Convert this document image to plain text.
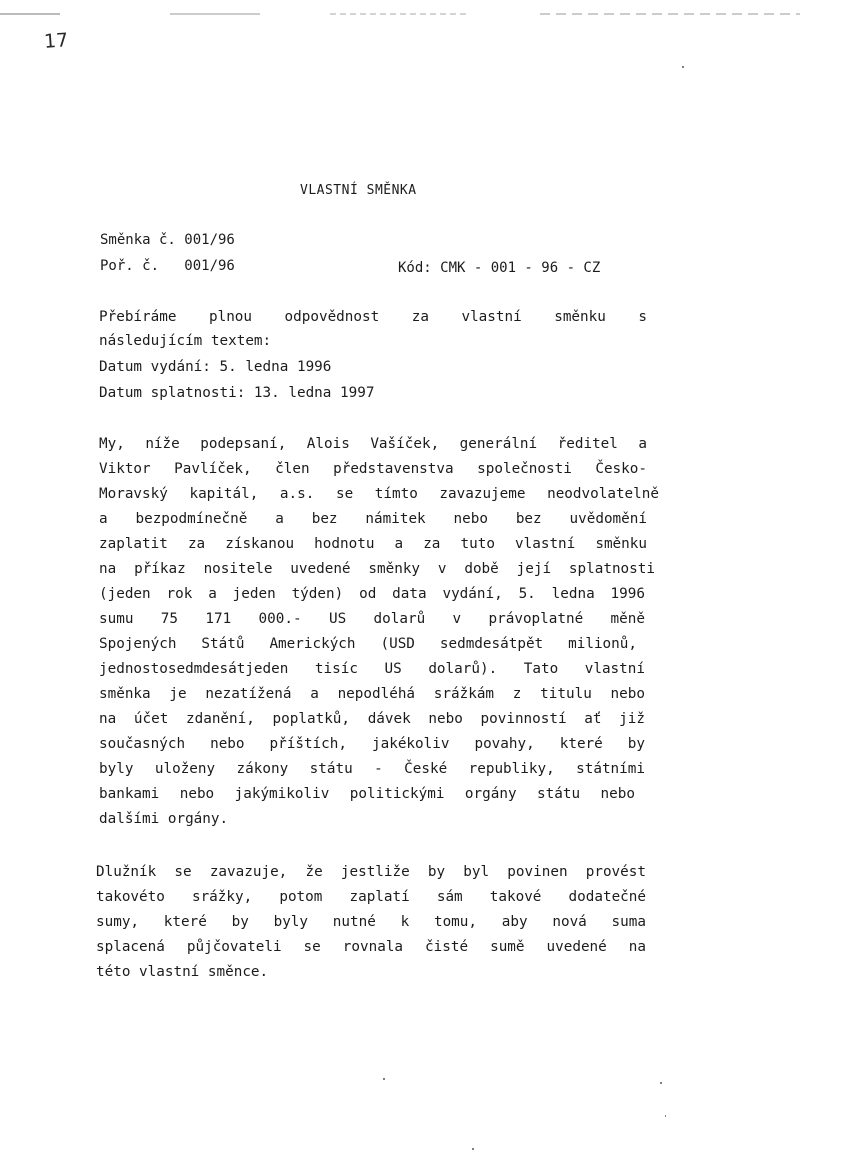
17
VLASTNÍ SMĚNKA
Směnka č. 001/96
Poř. č.   001/96	Kód: CMK - 001 - 96 - CZ
Přebíráme plnou odpovědnost za vlastní směnku s
následujícím textem:
Datum vydání: 5. ledna 1996
Datum splatnosti: 13. ledna 1997
My, níže podepsaní, Alois Vašíček, generální ředitel a
Viktor Pavlíček, člen představenstva společnosti Česko-
Moravský kapitál, a.s. se tímto zavazujeme neodvolatelně
a bezpodmínečně a bez námitek nebo bez uvědomění
zaplatit za získanou hodnotu a za tuto vlastní směnku
na příkaz nositele uvedené směnky v době její splatnosti
(jeden rok a jeden týden) od data vydání, 5. ledna 1996
sumu 75 171 000.- US dolarů v právoplatné měně
Spojených Států Amerických (USD sedmdesátpět milionů,
jednostosedmdesátjeden tisíc US dolarů). Tato vlastní
směnka je nezatížená a nepodléhá srážkám z titulu nebo
na účet zdanění, poplatků, dávek nebo povinností ať již
současných nebo příštích, jakékoliv povahy, které by
byly uloženy zákony státu - České republiky, státními
bankami nebo jakýmikoliv politickými orgány státu nebo
dalšími orgány.
Dlužník se zavazuje, že jestliže by byl povinen provést
takovéto srážky, potom zaplatí sám takové dodatečné
sumy, které by byly nutné k tomu, aby nová suma
splacená půjčovateli se rovnala čisté sumě uvedené na
této vlastní směnce.
